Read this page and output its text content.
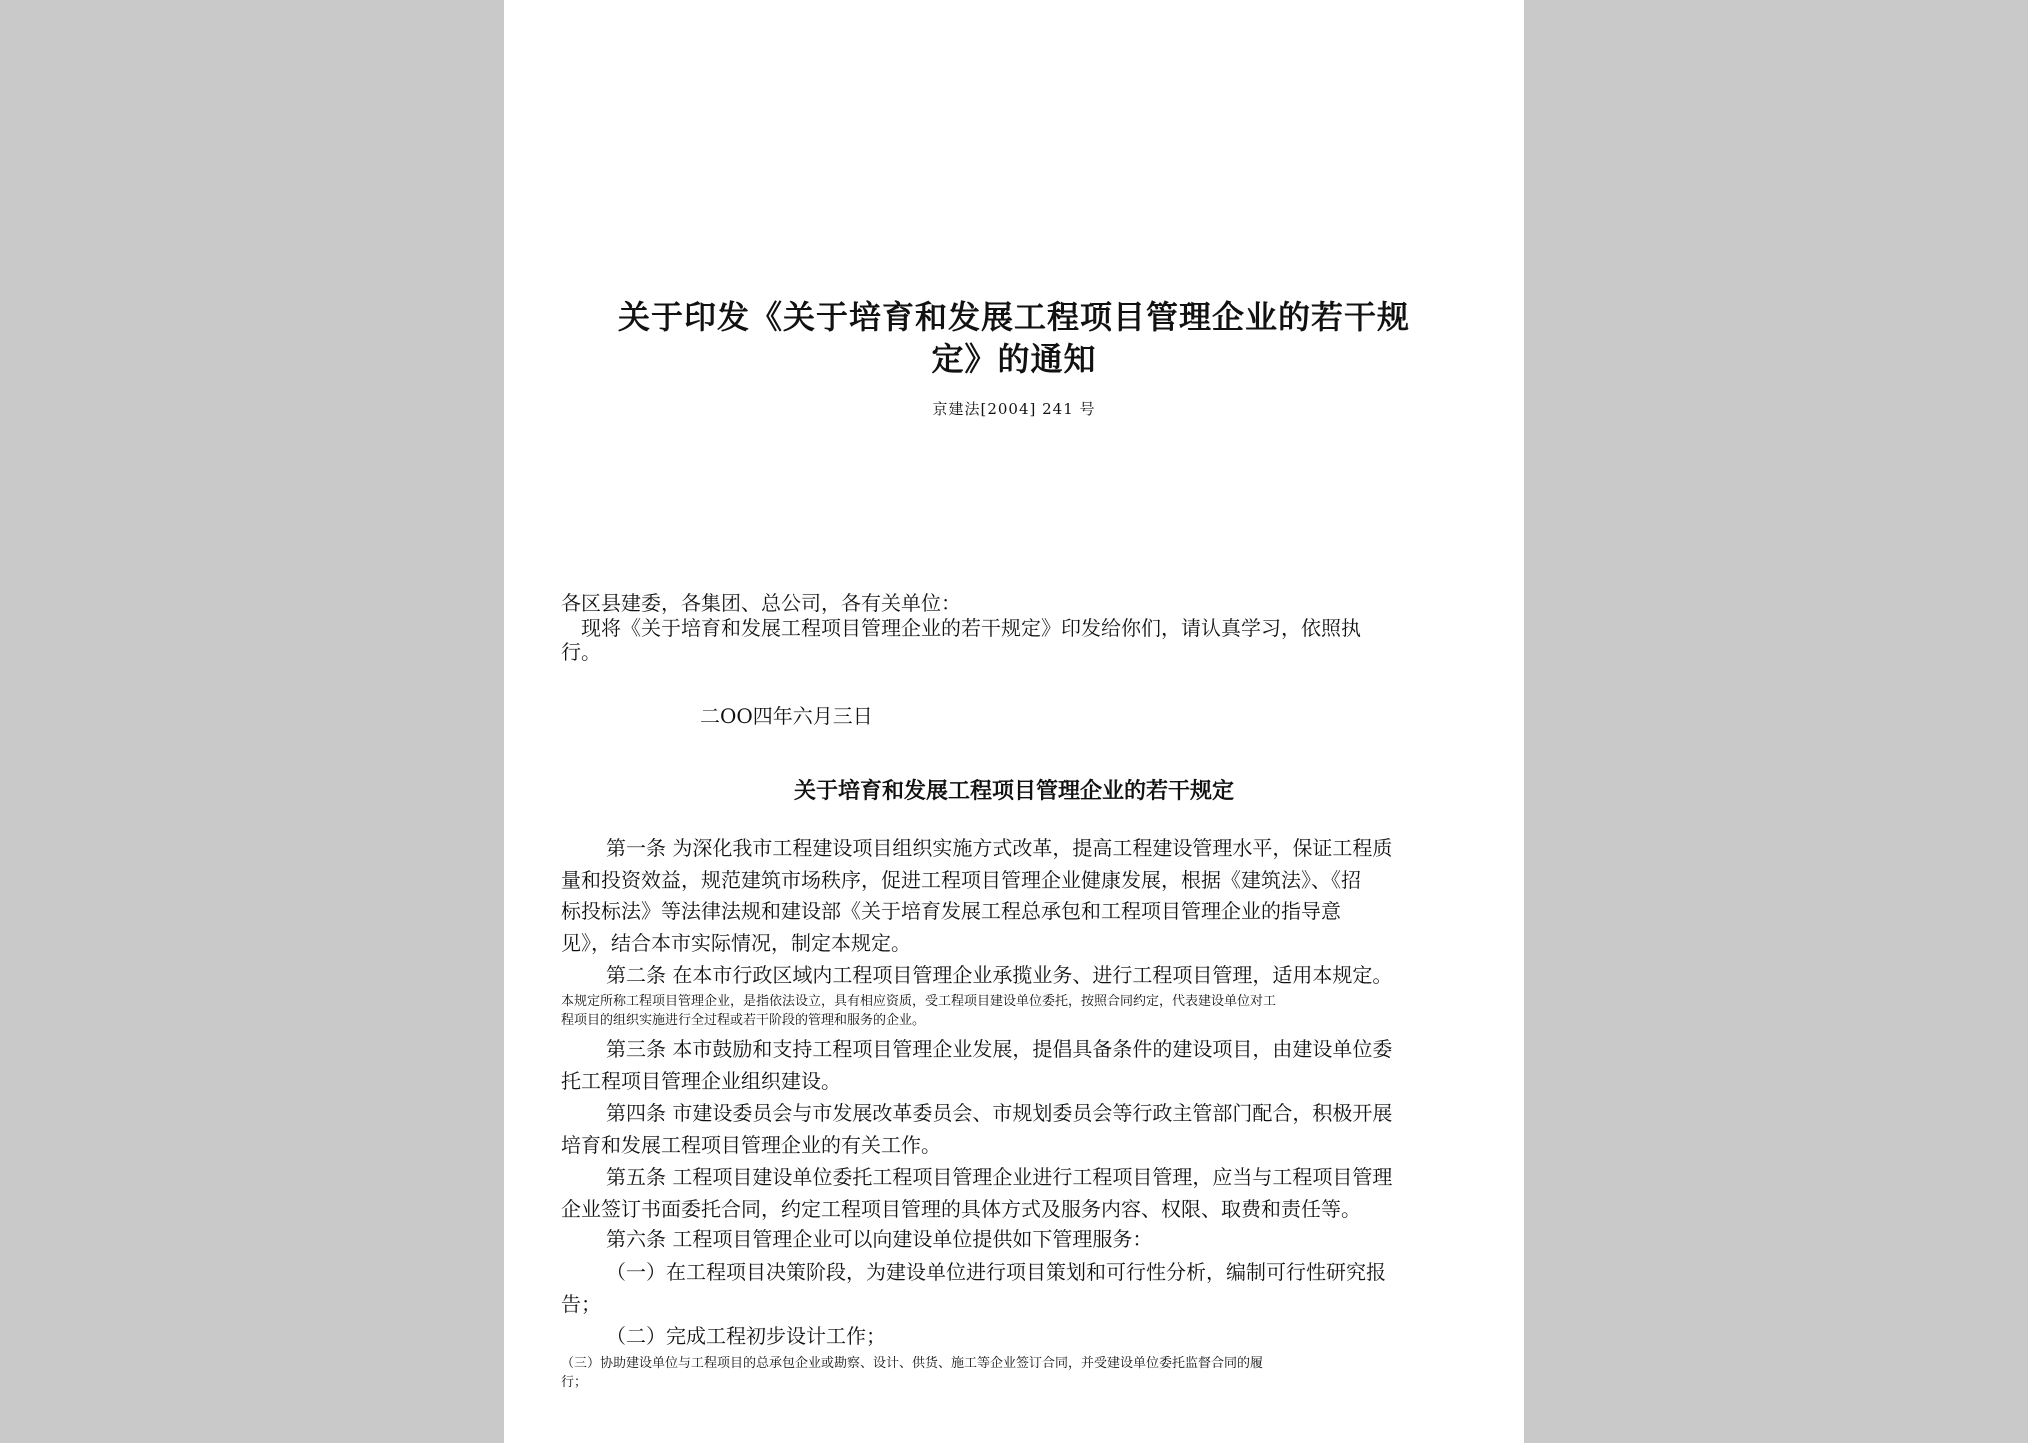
关于印发《关于培育和发展工程项目管理企业的若干规

定》的通知

京建法[2004] 241 号

各区县建委，各集团、总公司，各有关单位：

现将《关于培育和发展工程项目管理企业的若干规定》印发给你们，请认真学习，依照执

行。

二OO四年六月三日

关于培育和发展工程项目管理企业的若干规定

第一条 为深化我市工程建设项目组织实施方式改革，提高工程建设管理水平，保证工程质

量和投资效益，规范建筑市场秩序，促进工程项目管理企业健康发展，根据《建筑法》、《招

标投标法》等法律法规和建设部《关于培育发展工程总承包和工程项目管理企业的指导意

见》，结合本市实际情况，制定本规定。

第二条 在本市行政区域内工程项目管理企业承揽业务、进行工程项目管理，适用本规定。

本规定所称工程项目管理企业，是指依法设立，具有相应资质，受工程项目建设单位委托，按照合同约定，代表建设单位对工

程项目的组织实施进行全过程或若干阶段的管理和服务的企业。

第三条 本市鼓励和支持工程项目管理企业发展，提倡具备条件的建设项目，由建设单位委

托工程项目管理企业组织建设。

第四条 市建设委员会与市发展改革委员会、市规划委员会等行政主管部门配合，积极开展

培育和发展工程项目管理企业的有关工作。

第五条 工程项目建设单位委托工程项目管理企业进行工程项目管理，应当与工程项目管理

企业签订书面委托合同，约定工程项目管理的具体方式及服务内容、权限、取费和责任等。

第六条 工程项目管理企业可以向建设单位提供如下管理服务：

（一）在工程项目决策阶段，为建设单位进行项目策划和可行性分析，编制可行性研究报

告；

（二）完成工程初步设计工作；

（三）协助建设单位与工程项目的总承包企业或勘察、设计、供货、施工等企业签订合同，并受建设单位委托监督合同的履

行；
